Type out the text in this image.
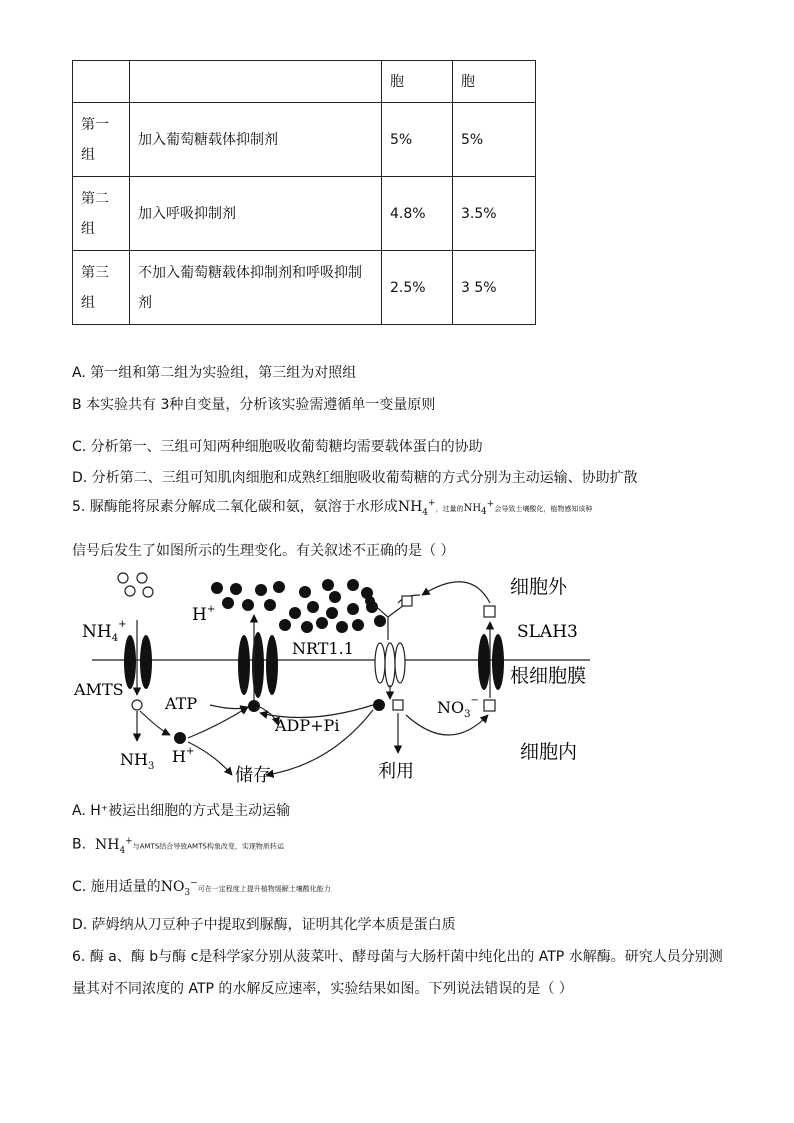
		胞	胞
第一组	加入葡萄糖载体抑制剂	5%	5%
第二组	加入呼吸抑制剂	4.8%	3.5%
第三组	不加入葡萄糖载体抑制剂和呼吸抑制剂	2.5%	3 5%
A. 第一组和第二组为实验组，第三组为对照组
B 本实验共有 3种自变量，分析该实验需遵循单一变量原则
C. 分析第一、三组可知两种细胞吸收葡萄糖均需要载体蛋白的协助
D. 分析第二、三组可知肌肉细胞和成熟红细胞吸收葡萄糖的方式分别为主动运输、协助扩散
5. 脲酶能将尿素分解成二氧化碳和氨，氨溶于水形成$NH_4^+$，过量的$NH_4^+$会导致土壤酸化，植物感知该种
信号后发生了如图所示的生理变化。有关叙述不正确的是（ ）
$NH_4^+$
AMTS
$NH_3$
H+
H+
ATP
ADP+Pi
储存
NRT1.1
利用
$NO_3^-$
SLAH3
细胞外
根细胞膜
细胞内
A. H⁺被运出细胞的方式是主动运输
B. $NH_4^+$与AMTS结合导致AMTS构象改变，实现物质转运
C. 施用适量的$NO_3^-$可在一定程度上提升植物缓解土壤酸化能力
D. 萨姆纳从刀豆种子中提取到脲酶，证明其化学本质是蛋白质
6. 酶 a、酶 b与酶 c是科学家分别从菠菜叶、酵母菌与大肠杆菌中纯化出的 ATP 水解酶。研究人员分别测
量其对不同浓度的 ATP 的水解反应速率，实验结果如图。下列说法错误的是（ ）
